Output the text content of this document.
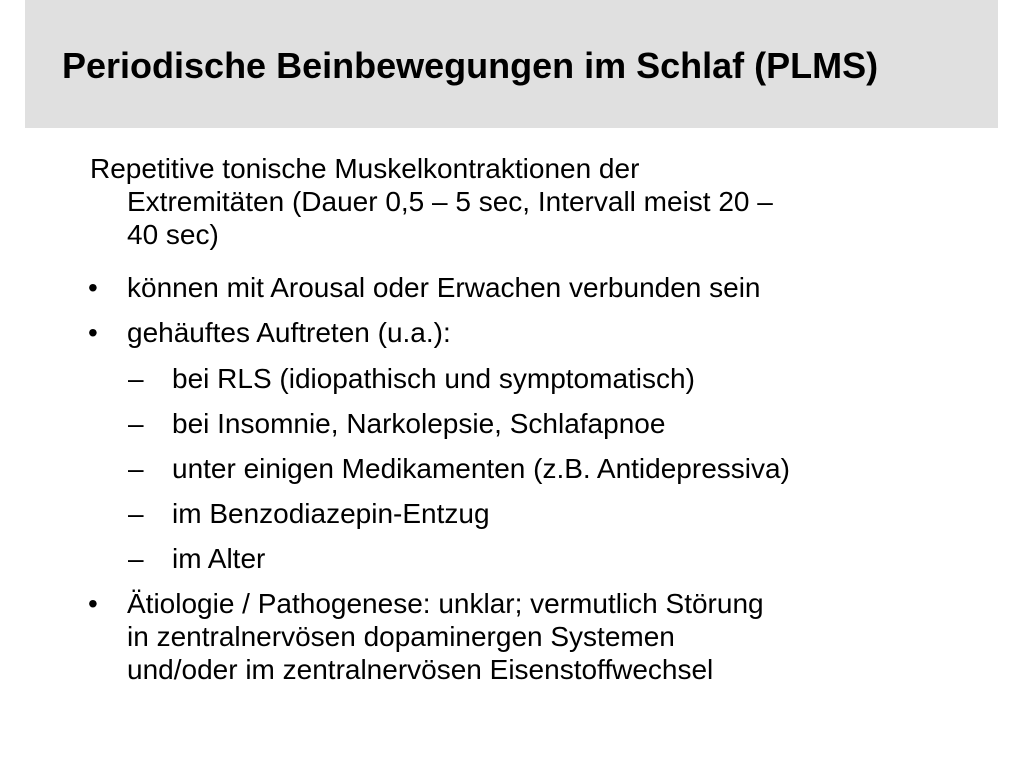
Periodische Beinbewegungen im Schlaf (PLMS)
Repetitive tonische Muskelkontraktionen der
Extremitäten (Dauer 0,5 – 5 sec, Intervall meist 20 –
40 sec)
• können mit Arousal oder Erwachen verbunden sein
• gehäuftes Auftreten (u.a.):
– bei RLS (idiopathisch und symptomatisch)
– bei Insomnie, Narkolepsie, Schlafapnoe
– unter einigen Medikamenten (z.B. Antidepressiva)
– im Benzodiazepin-Entzug
– im Alter
• Ätiologie / Pathogenese: unklar; vermutlich Störung
in zentralnervösen dopaminergen Systemen
und/oder im zentralnervösen Eisenstoffwechsel
